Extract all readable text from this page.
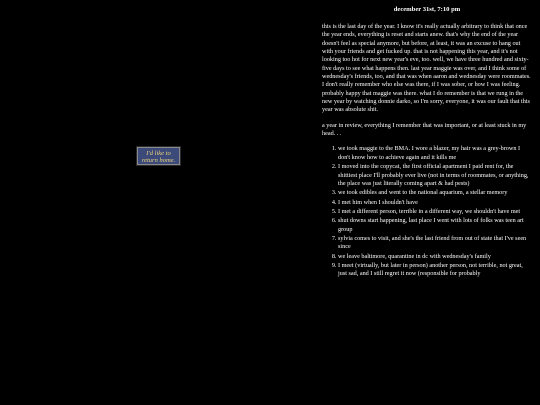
I'd like to return home.
december 31st, 7:10 pm

this is the last day of the year. I know it's really actually arbitrary to think that once the year ends, everything is reset and starts anew. that's why the end of the year doesn't feel as special anymore, but before, at least, it was an excuse to hang out with your friends and get fucked up. that is not happening this year, and it's not looking too hot for next new year's eve, too. well, we have three hundred and sixty-five days to see what happens then. last year maggie was over, and I think some of wednesday's friends, too, and that was when aaron and wednesday were roommates. I don't really remember who else was there, if I was sober, or how I was feeling. probably happy that maggie was there. what I do remember is that we rung in the new year by watching donnie darko, so I'm sorry, everyone, it was our fault that this year was absolute shit.

a year in review, everything I remember that was important, or at least stuck in my head. . .

1. we took maggie to the BMA. I wore a blazer, my hair was a grey-brown I don't know how to achieve again and it kills me
2. I moved into the copycat, the first official apartment I paid rent for, the shittiest place I'll probably ever live (not in terms of roommates, or anything, the place was just literally coming apart & had pests)
3. we took edibles and went to the national aquarium, a stellar memory
4. I met him when I shouldn't have
5. I met a different person, terrible in a different way, we shouldn't have met
6. shut downs start happening, last place I went with lots of folks was teen art group
7. sylvia comes to visit, and she's the last friend from out of state that I've seen since
8. we leave baltimore, quarantine in dc with wednesday's family
9. I meet (virtually, but later in person) another person, not terrible, not great, just sad, and I still regret it now (responsible for probably
